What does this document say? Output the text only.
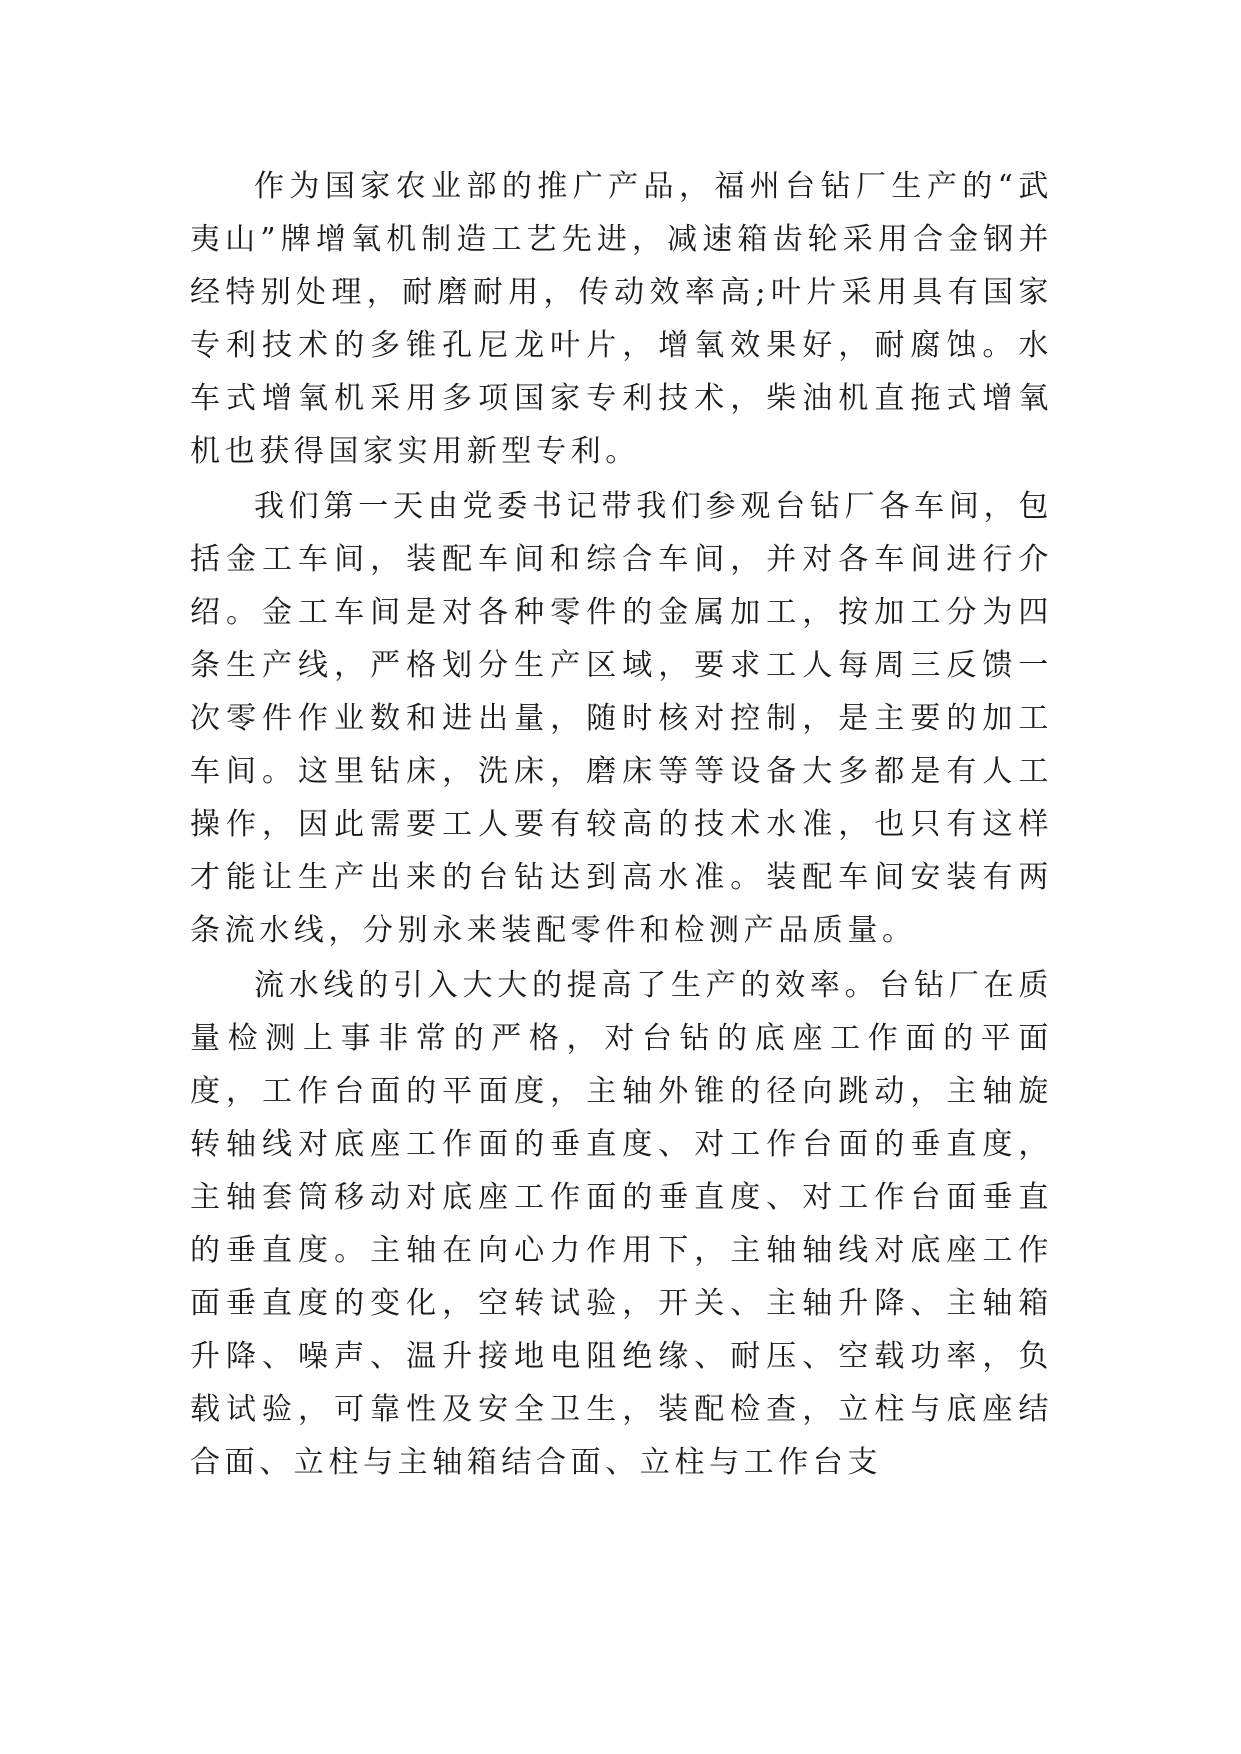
作为国家农业部的推广产品，福州台钻厂生产的“武夷山”牌增氧机制造工艺先进，减速箱齿轮采用合金钢并经特别处理，耐磨耐用，传动效率高;叶片采用具有国家专利技术的多锥孔尼龙叶片，增氧效果好，耐腐蚀。水车式增氧机采用多项国家专利技术，柴油机直拖式增氧机也获得国家实用新型专利。

我们第一天由党委书记带我们参观台钻厂各车间，包括金工车间，装配车间和综合车间，并对各车间进行介绍。金工车间是对各种零件的金属加工，按加工分为四条生产线，严格划分生产区域，要求工人每周三反馈一次零件作业数和进出量，随时核对控制，是主要的加工车间。这里钻床，洗床，磨床等等设备大多都是有人工操作，因此需要工人要有较高的技术水准，也只有这样才能让生产出来的台钻达到高水准。装配车间安装有两条流水线，分别永来装配零件和检测产品质量。

流水线的引入大大的提高了生产的效率。台钻厂在质量检测上事非常的严格，对台钻的底座工作面的平面度，工作台面的平面度，主轴外锥的径向跳动，主轴旋转轴线对底座工作面的垂直度、对工作台面的垂直度，主轴套筒移动对底座工作面的垂直度、对工作台面垂直的垂直度。主轴在向心力作用下，主轴轴线对底座工作面垂直度的变化，空转试验，开关、主轴升降、主轴箱升降、噪声、温升接地电阻绝缘、耐压、空载功率，负载试验，可靠性及安全卫生，装配检查，立柱与底座结合面、立柱与主轴箱结合面、立柱与工作台支
